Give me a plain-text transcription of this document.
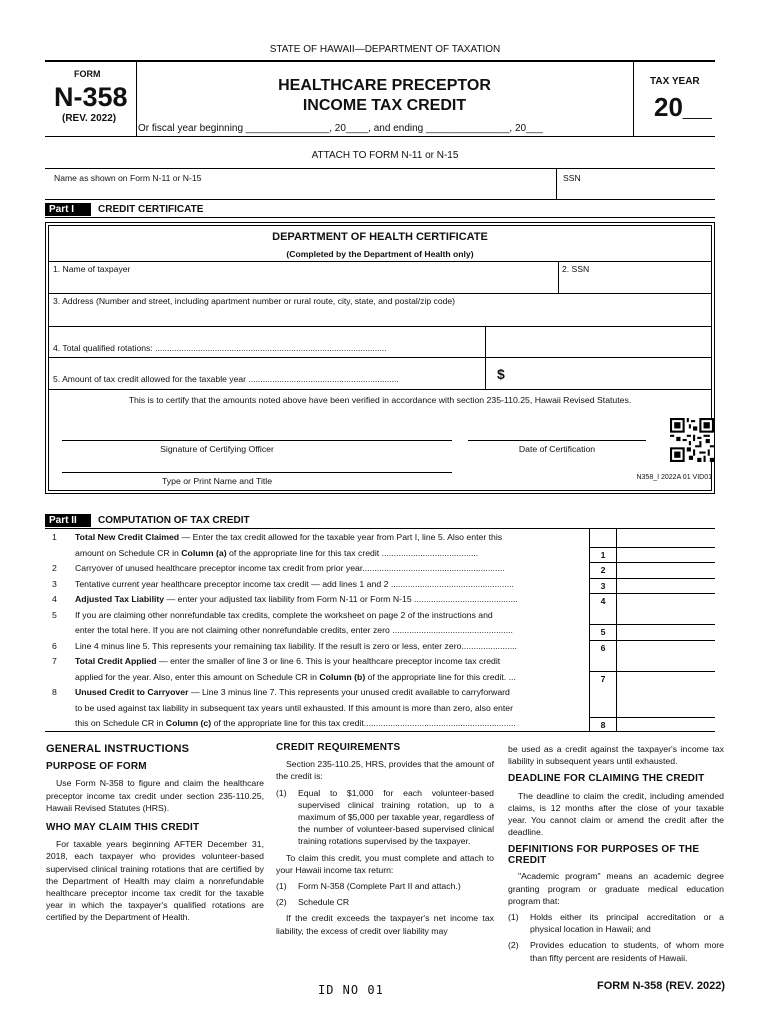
STATE OF HAWAII—DEPARTMENT OF TAXATION
FORM
N-358
(REV. 2022)
HEALTHCARE PRECEPTOR
INCOME TAX CREDIT
Or fiscal year beginning _______________, 20____, and ending _______________, 20___
TAX YEAR
20__
ATTACH TO FORM N-11 or N-15
Name as shown on Form N-11 or N-15	SSN
Part I	CREDIT CERTIFICATE
DEPARTMENT OF HEALTH CERTIFICATE
(Completed by the Department of Health only)
1. Name of taxpayer	2. SSN
3. Address (Number and street, including apartment number or rural route, city, state, and postal/zip code)
4. Total qualified rotations: .................................................................................................
5. Amount of tax credit allowed for the taxable year ...............................................................	$
This is to certify that the amounts noted above have been verified in accordance with section 235-110.25, Hawaii Revised Statutes.
Signature of Certifying Officer	Date of Certification
Type or Print Name and Title	N358_I 2022A 01 VID01
Part II	COMPUTATION OF TAX CREDIT
1 Total New Credit Claimed — Enter the tax credit allowed for the taxable year from Part I, line 5. Also enter this
amount on Schedule CR in Column (a) of the appropriate line for this tax credit ........................................	1
2 Carryover of unused healthcare preceptor income tax credit from prior year...........................................................	2
3 Tentative current year healthcare preceptor income tax credit — add lines 1 and 2 ...................................................	3
4 Adjusted Tax Liability — enter your adjusted tax liability from Form N-11 or Form N-15 ...........................................	4
5 If you are claiming other nonrefundable tax credits, complete the worksheet on page 2 of the instructions and
enter the total here. If you are not claiming other nonrefundable credits, enter zero ..................................................	5
6 Line 4 minus line 5. This represents your remaining tax liability. If the result is zero or less, enter zero.......................	6
7 Total Credit Applied — enter the smaller of line 3 or line 6. This is your healthcare preceptor income tax credit
applied for the year. Also, enter this amount on Schedule CR in Column (b) of the appropriate line for this credit. ...	7
8 Unused Credit to Carryover — Line 3 minus line 7. This represents your unused credit available to carryforward
to be used against tax liability in subsequent tax years until exhausted. If this amount is more than zero, also enter
this on Schedule CR in Column (c) of the appropriate line for this tax credit...............................................................	8
GENERAL INSTRUCTIONS
PURPOSE OF FORM
Use Form N-358 to figure and claim the healthcare preceptor income tax credit under section 235-110.25, Hawaii Revised Statutes (HRS).
WHO MAY CLAIM THIS CREDIT
For taxable years beginning AFTER December 31, 2018, each taxpayer who provides volunteer-based supervised clinical training rotations that are certified by the Department of Health may claim a nonrefundable healthcare preceptor income tax credit for the taxable year in which the taxpayer's qualified rotations are certified by the Department of Health.
CREDIT REQUIREMENTS
Section 235-110.25, HRS, provides that the amount of the credit is:
(1) Equal to $1,000 for each volunteer-based supervised clinical training rotation, up to a maximum of $5,000 per taxable year, regardless of the number of volunteer-based supervised clinical training rotations supervised by the taxpayer.
To claim this credit, you must complete and attach to your Hawaii income tax return:
(1) Form N-358 (Complete Part II and attach.)
(2) Schedule CR
If the credit exceeds the taxpayer's net income tax liability, the excess of credit over liability may
be used as a credit against the taxpayer's income tax liability in subsequent years until exhausted.
DEADLINE FOR CLAIMING THE CREDIT
The deadline to claim the credit, including amended claims, is 12 months after the close of your taxable year. You cannot claim or amend the credit after the deadline.
DEFINITIONS FOR PURPOSES OF THE CREDIT
"Academic program" means an academic degree granting program or graduate medical education program that:
(1) Holds either its principal accreditation or a physical location in Hawaii; and
(2) Provides education to students, of whom more than fifty percent are residents of Hawaii.
ID NO 01	FORM N-358 (REV. 2022)
